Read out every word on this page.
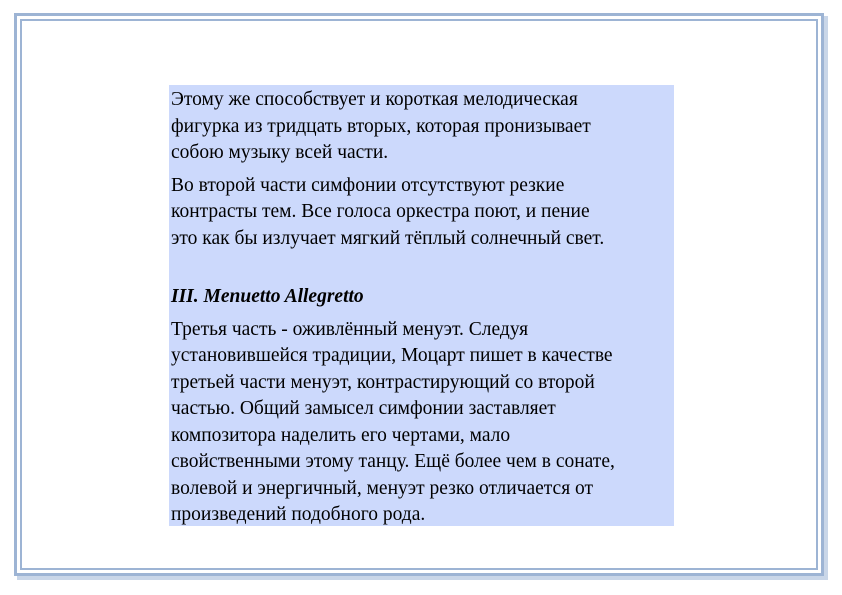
Этому же способствует и короткая мелодическая
фигурка из тридцать вторых, которая пронизывает
собою музыку всей части.

Во второй части симфонии отсутствуют резкие
контрасты тем. Все голоса оркестра поют, и пение
это как бы излучает мягкий тёплый солнечный свет.

III. Menuetto Allegretto

Третья часть - оживлённый менуэт. Следуя
установившейся традиции, Моцарт пишет в качестве
третьей части менуэт, контрастирующий со второй
частью. Общий замысел симфонии заставляет
композитора наделить его чертами, мало
свойственными этому танцу. Ещё более чем в сонате,
волевой и энергичный, менуэт резко отличается от
произведений подобного рода.
